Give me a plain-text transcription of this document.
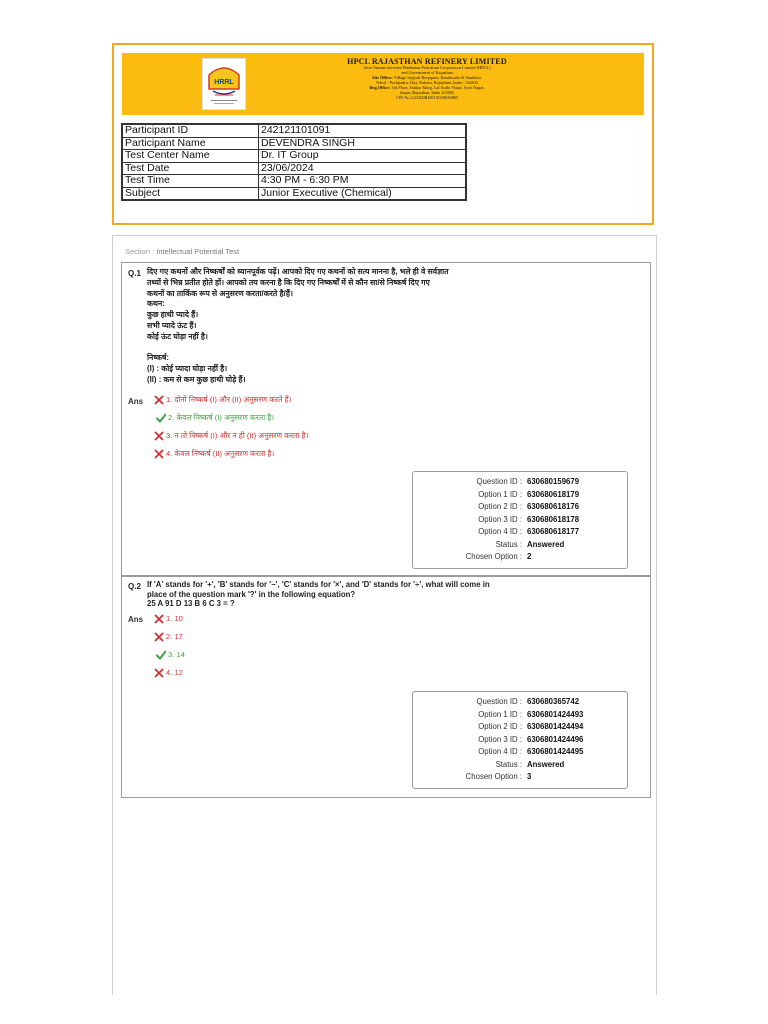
HRRL
HPCL RAJASTHAN REFINERY LIMITED
Joint Venture between Hindustan Petroleum Corporation Limited (HPCL)
and Government of Rajasthan
Site Office: Village Sajiyali Rooppura, Kanthwada & Sambhra,
Tehsil - Pachpadra, Dist. Balotra, Rajasthan, India - 344032
Reg.Office: 3rd Floor, Sahkar Marg, Lal Kothi Vistar, Jyoti Nagar,
Jaipur, Rajasthan, India 302005
CIN No.U23200RJ2013GOI043865
Participant ID	242121101091
Participant Name	DEVENDRA SINGH
Test Center Name	Dr. IT Group
Test Date	23/06/2024
Test Time	4:30 PM - 6:30 PM
Subject	Junior Executive (Chemical)
Section : Intellectual Potential Test
Q.1 दिए गए कथनों और निष्कर्षों को ध्यानपूर्वक पढ़ें। आपको दिए गए कथनों को सत्य मानना है, भले ही वे सर्वज्ञात
तथ्यों से भिन्न प्रतीत होते हों। आपको तय करना है कि दिए गए निष्कर्षों में से कौन सा/से निष्कर्ष दिए गए
कथनों का तार्किक रूप से अनुसरण करता/करते है/हैं।
कथन:
कुछ हाथी प्यादे हैं।
सभी प्यादे ऊंट हैं।
कोई ऊंट घोड़ा नहीं है।
निष्कर्ष:
(I) : कोई प्यादा घोड़ा नहीं है।
(II) : कम से कम कुछ हाथी घोड़े हैं।
Ans	1. दोनों निष्कर्ष (I) और (II) अनुसरण करते हैं।
2. केवल निष्कर्ष (I) अनुसरण करता है।
3. न तो निष्कर्ष (I) और न ही (II) अनुसरण करता है।
4. केवल निष्कर्ष (II) अनुसरण करता है।
Question ID : 630680159679
Option 1 ID : 630680618179
Option 2 ID : 630680618176
Option 3 ID : 630680618178
Option 4 ID : 630680618177
Status : Answered
Chosen Option : 2
Q.2 If 'A' stands for '+', 'B' stands for '−', 'C' stands for '×', and 'D' stands for '÷', what will come in
place of the question mark '?' in the following equation?
25 A 91 D 13 B 6 C 3 = ?
Ans	1. 10
2. 17
3. 14
4. 12
Question ID : 630680365742
Option 1 ID : 6306801424493
Option 2 ID : 6306801424494
Option 3 ID : 6306801424496
Option 4 ID : 6306801424495
Status : Answered
Chosen Option : 3
